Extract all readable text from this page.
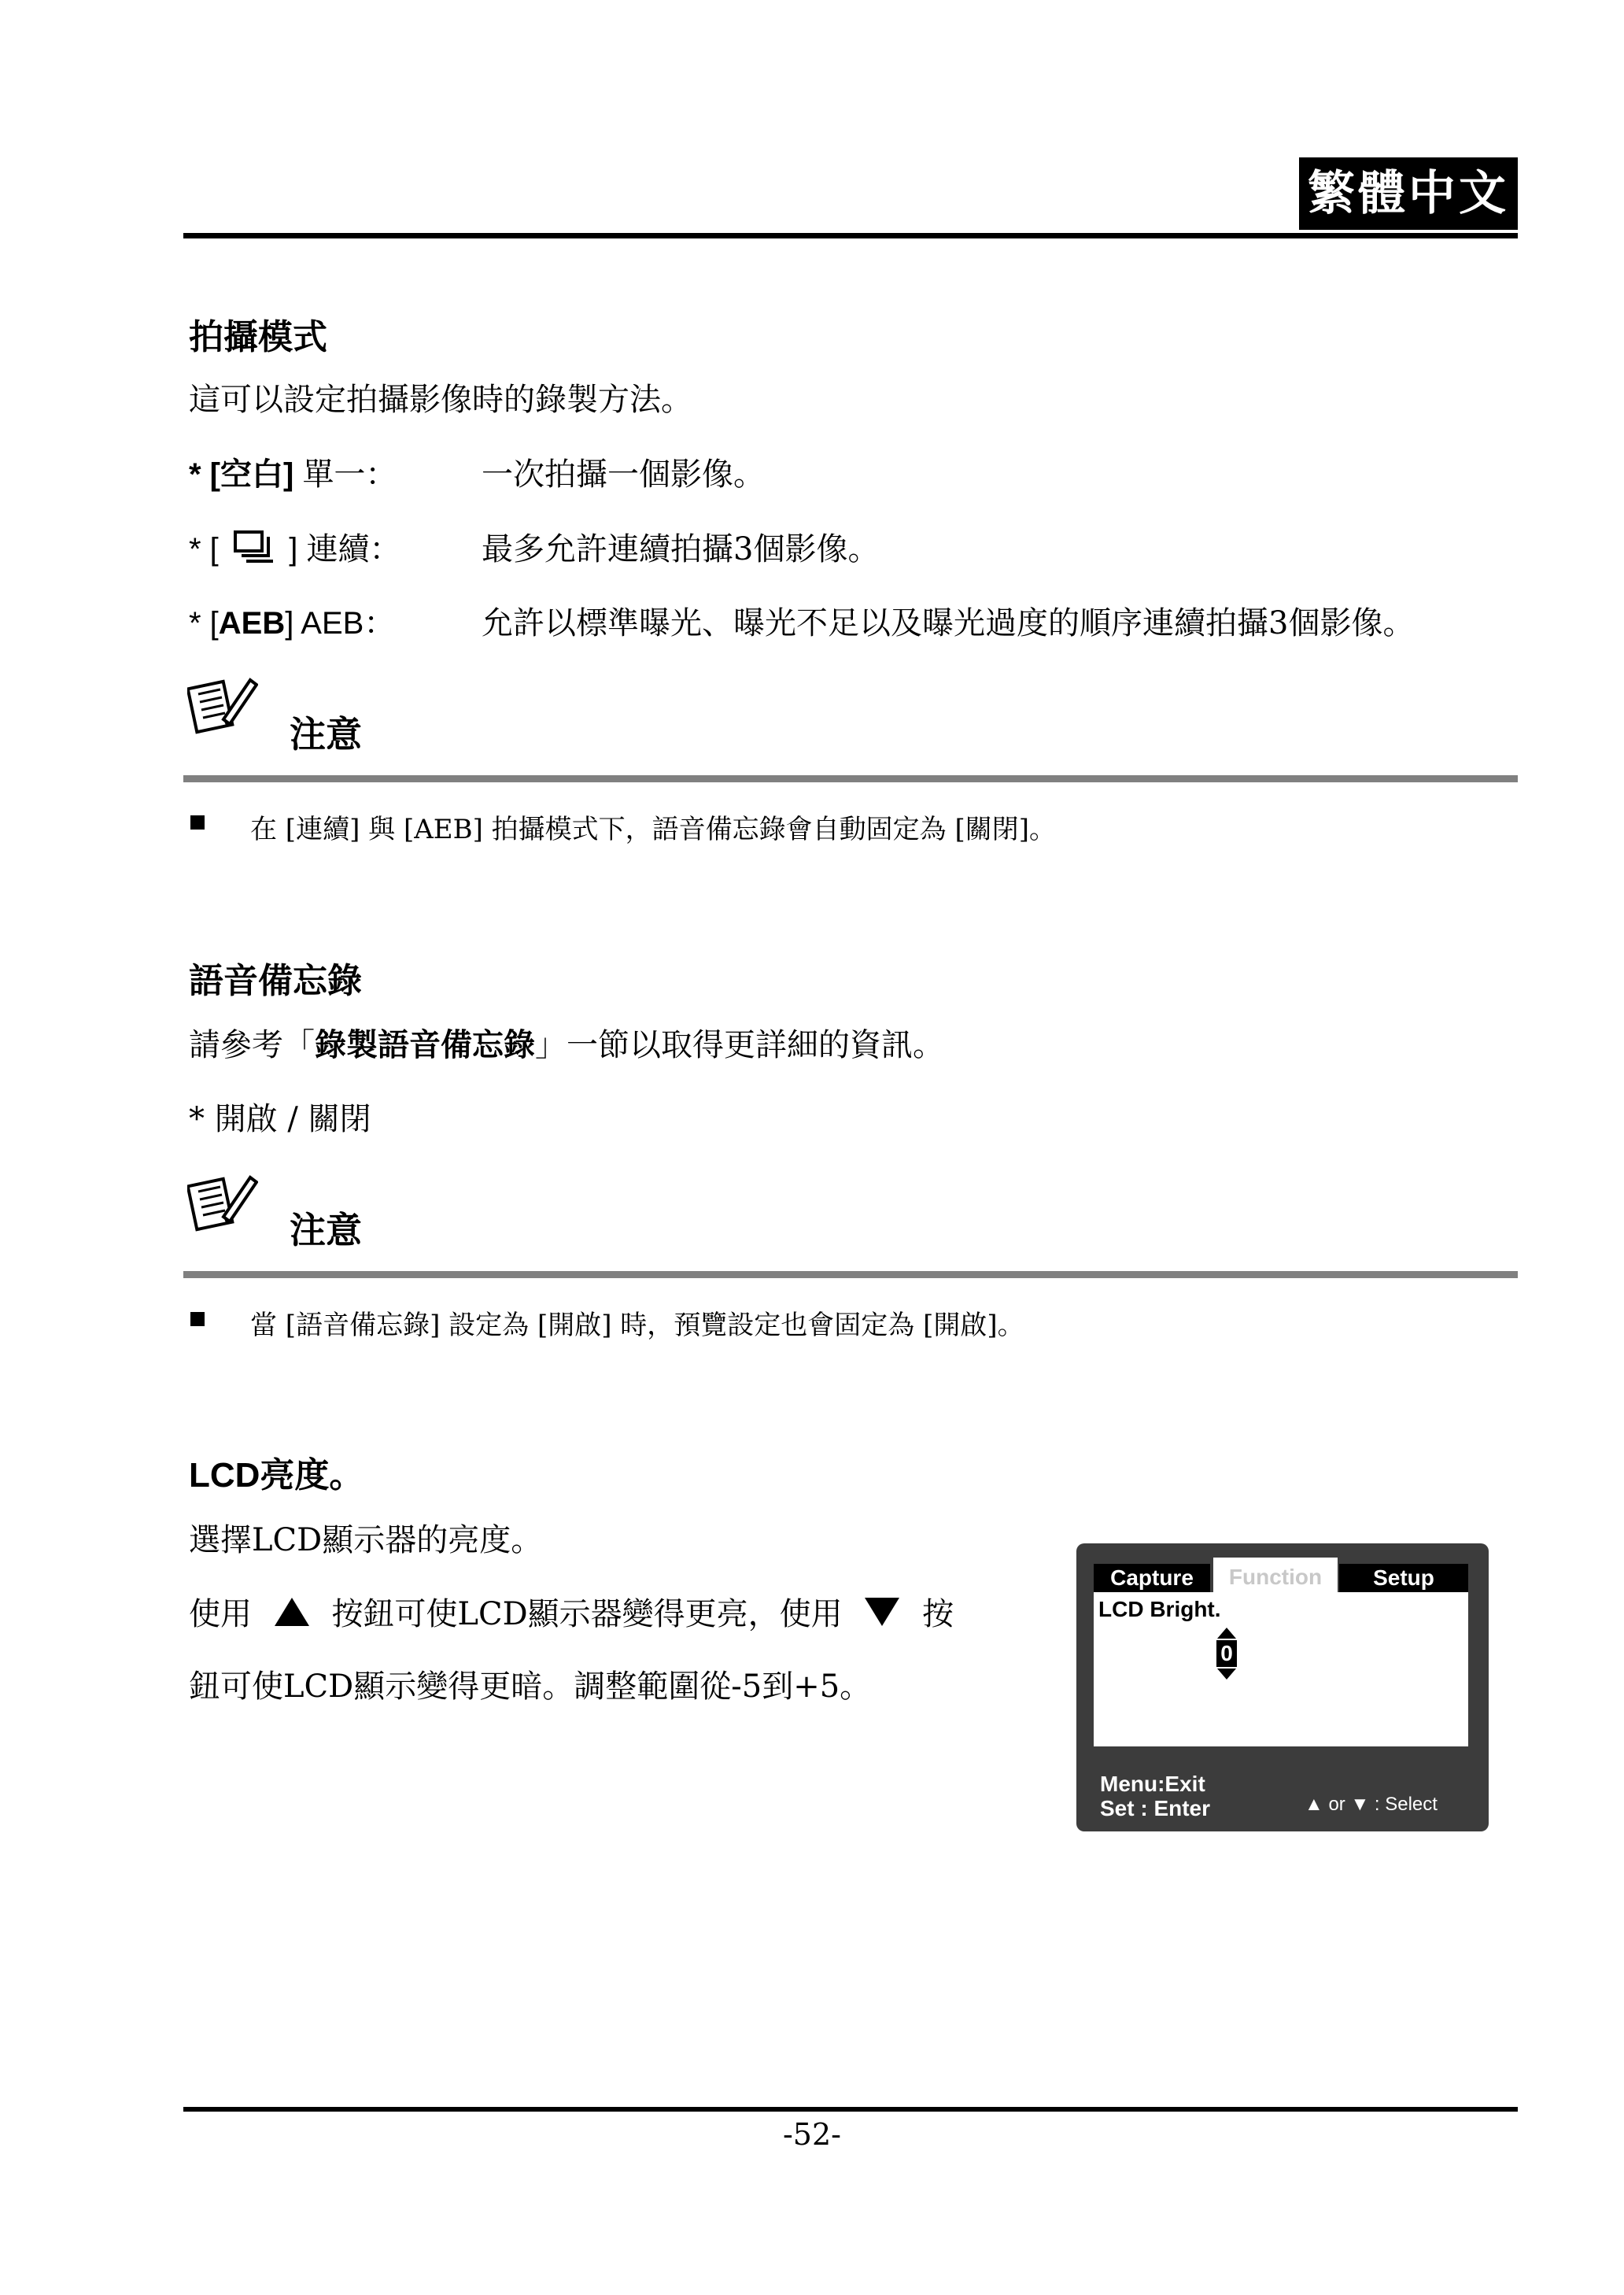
繁體中文
拍攝模式
這可以設定拍攝影像時的錄製方法。
* [空白] 單一：	一次拍攝一個影像。
* [ ] 連續：	最多允許連續拍攝3個影像。
* [AEB] AEB：	允許以標準曝光、曝光不足以及曝光過度的順序連續拍攝3個影像。
注意
在 [連續] 與 [AEB] 拍攝模式下，語音備忘錄會自動固定為 [關閉]。
語音備忘錄
請參考「錄製語音備忘錄」一節以取得更詳細的資訊。
* 開啟 / 關閉
注意
當 [語音備忘錄] 設定為 [開啟] 時，預覽設定也會固定為 [開啟]。
LCD亮度。
選擇LCD顯示器的亮度。
使用	按鈕可使LCD顯示器變得更亮，使用	按
鈕可使LCD顯示變得更暗。調整範圍從-5到+5。
Capture	Function	Setup
LCD Bright.
0
Menu:Exit
Set : Enter	▲ or ▼ : Select
-52-
